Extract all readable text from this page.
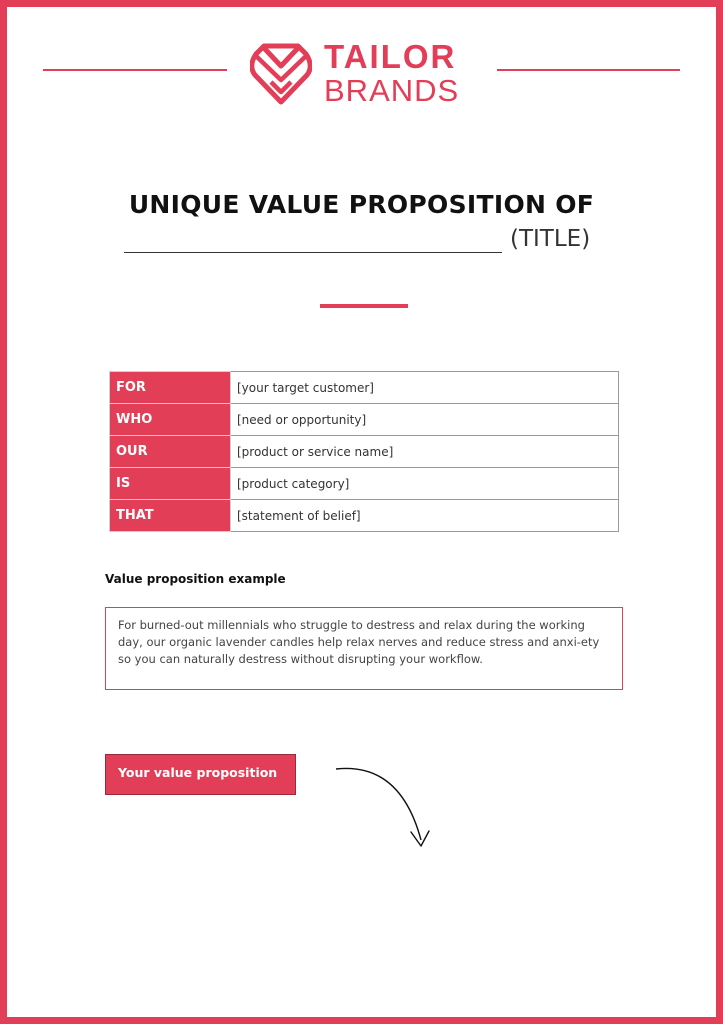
TAILOR
BRANDS
UNIQUE VALUE PROPOSITION OF
(TITLE)
FOR	[your target customer]
WHO	[need or opportunity]
OUR	[product or service name]
IS	[product category]
THAT	[statement of belief]
Value proposition example
For burned-out millennials who struggle to destress and relax during the working day, our organic lavender candles help relax nerves and reduce stress and anxi-ety so you can naturally destress without disrupting your workflow.
Your value proposition
